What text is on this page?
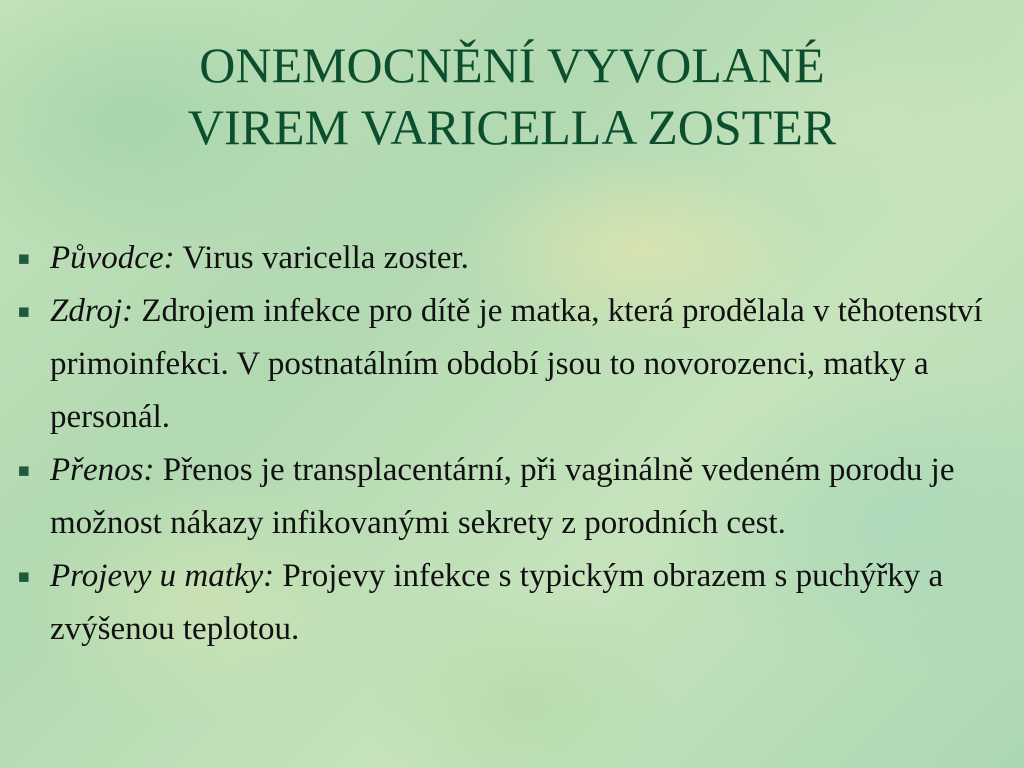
ONEMOCNĚNÍ VYVOLANÉ
VIREM VARICELLA ZOSTER
▪ Původce: Virus varicella zoster.
▪ Zdroj: Zdrojem infekce pro dítě je matka, která prodělala v těhotenství primoinfekci. V postnatálním období jsou to novorozenci, matky a personál.
▪ Přenos: Přenos je transplacentární, při vaginálně vedeném porodu je možnost nákazy infikovanými sekrety z porodních cest.
▪ Projevy u matky: Projevy infekce s typickým obrazem s puchýřky a zvýšenou teplotou.
